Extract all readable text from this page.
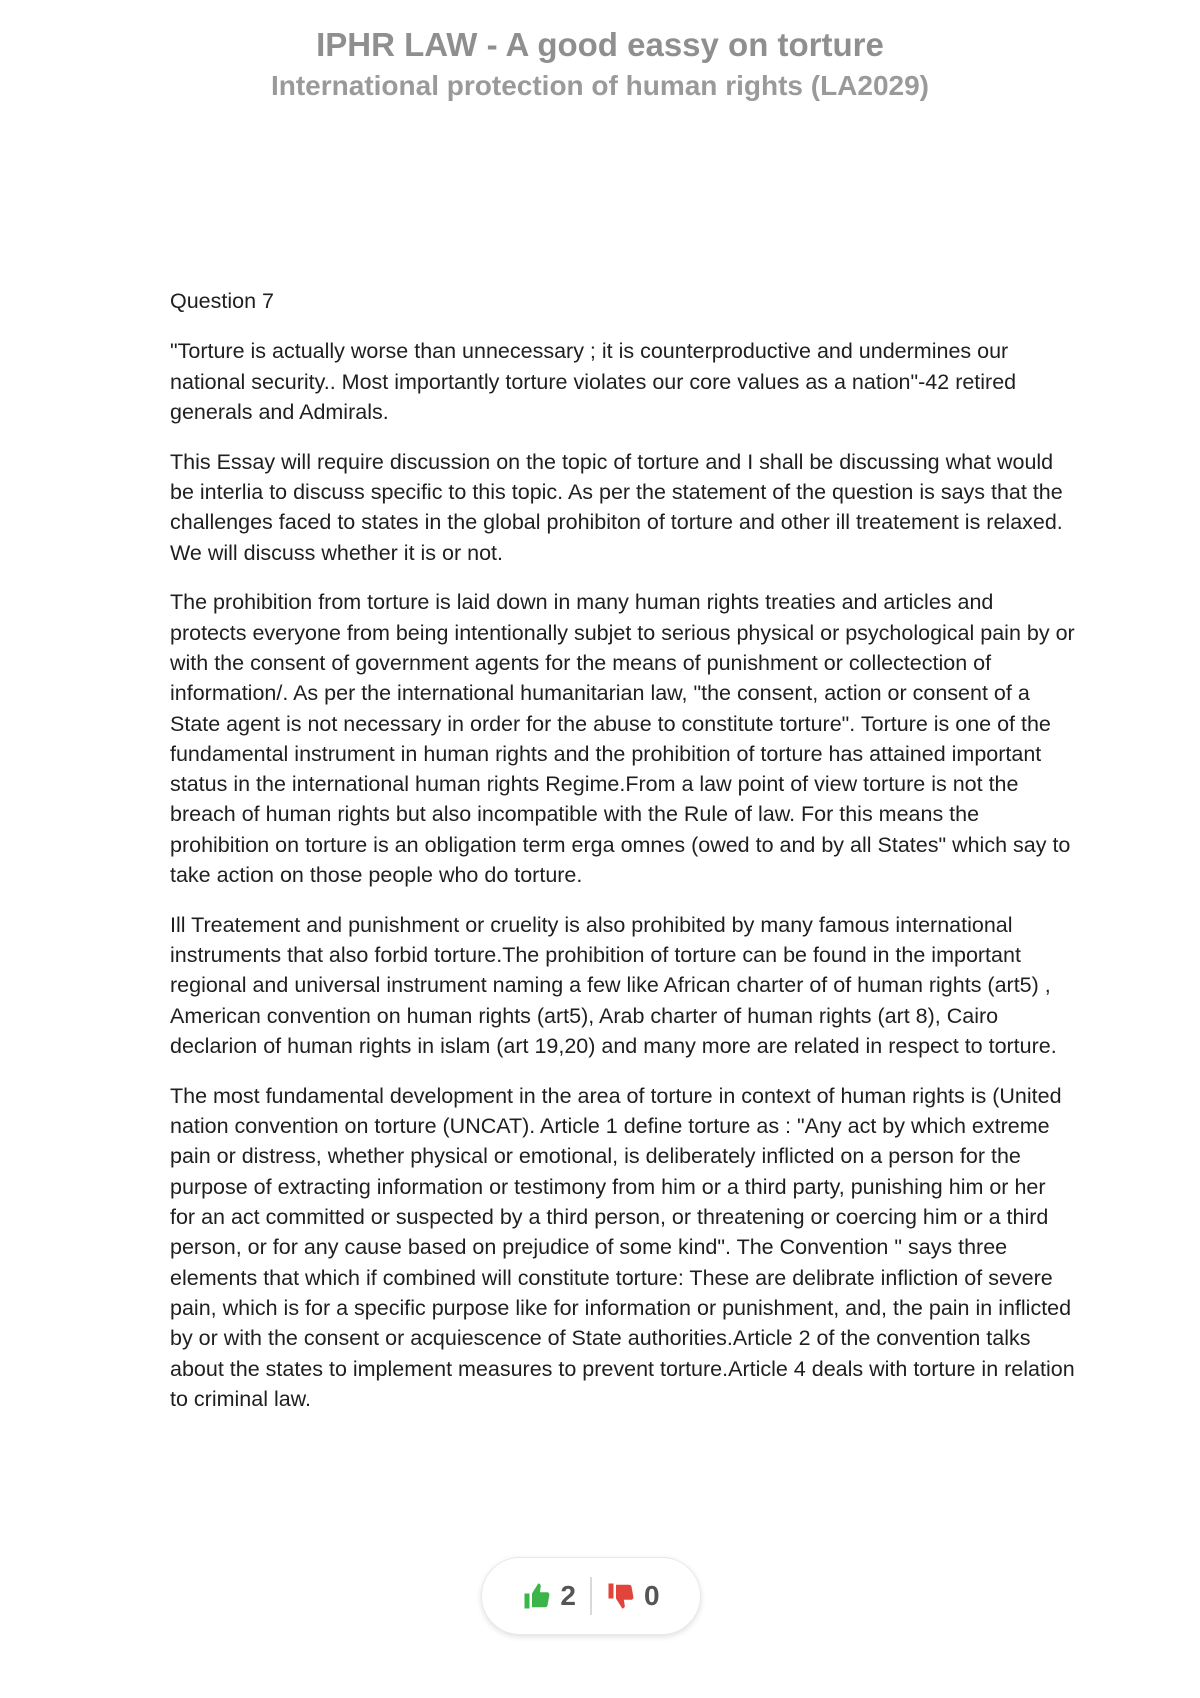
IPHR LAW - A good eassy on torture
International protection of human rights (LA2029)

Question 7

"Torture is actually worse than unnecessary ; it is counterproductive and undermines our national security.. Most importantly torture violates our core values as a nation"-42 retired generals and Admirals.

This Essay will require discussion on the topic of torture and I shall be discussing what would be interlia to discuss specific to this topic. As per the statement of the question is says that the challenges faced to states in the global prohibiton of torture and other ill treatement is relaxed. We will discuss whether it is or not.

The prohibition from torture is laid down in many human rights treaties and articles and protects everyone from being intentionally subjet to serious physical or psychological pain by or with the consent of government agents for the means of punishment or collectection of information/. As per the international humanitarian law, "the consent, action or consent of a State agent is not necessary in order for the abuse to constitute torture". Torture is one of the fundamental instrument in human rights and the prohibition of torture has attained important status in the international human rights Regime.From a law point of view torture is not the breach of human rights but also incompatible with the Rule of law. For this means the prohibition on torture is an obligation term erga omnes (owed to and by all States" which say to take action on those people who do torture.

Ill Treatement and punishment or cruelity is also prohibited by many famous international instruments that also forbid torture.The prohibition of torture can be found in the important regional and universal instrument naming a few like African charter of of human rights (art5) , American convention on human rights (art5), Arab charter of human rights (art 8), Cairo declarion of human rights in islam (art 19,20) and many more are related in respect to torture.

The most fundamental development in the area of torture in context of human rights is (United nation convention on torture (UNCAT). Article 1 define torture as : "Any act by which extreme pain or distress, whether physical or emotional, is deliberately inflicted on a person for the purpose of extracting information or testimony from him or a third party, punishing him or her for an act committed or suspected by a third person, or threatening or coercing him or a third person, or for any cause based on prejudice of some kind". The Convention " says three elements that which if combined will constitute torture: These are delibrate infliction of severe pain, which is for a specific purpose like for information or punishment, and, the pain in inflicted by or with the consent or acquiescence of State authorities.Article 2 of the convention talks about the states to implement measures to prevent torture.Article 4 deals with torture in relation to criminal law.

2 0
